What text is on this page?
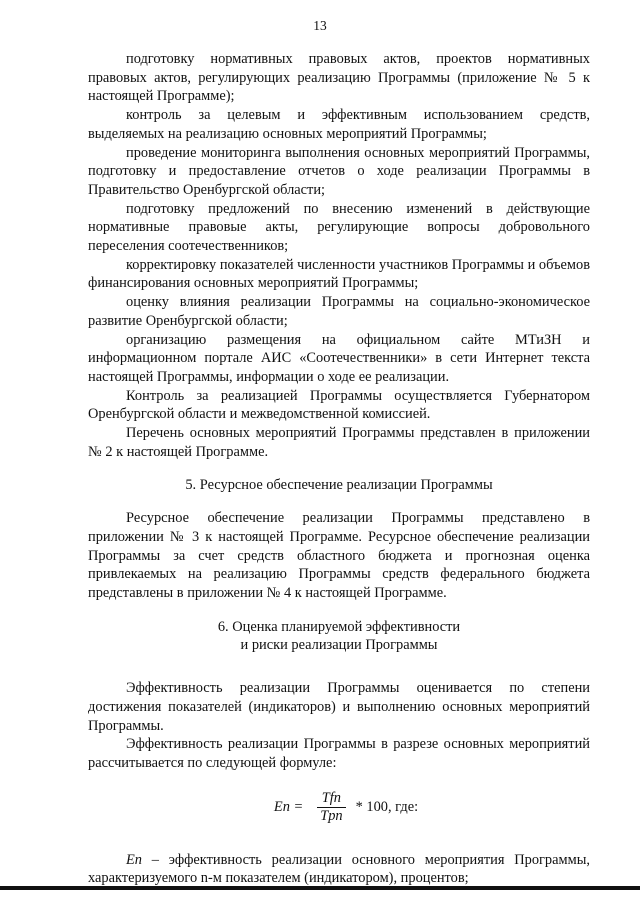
13

подготовку нормативных правовых актов, проектов нормативных правовых актов, регулирующих реализацию Программы (приложение № 5 к настоящей Программе);

контроль за целевым и эффективным использованием средств, выделяемых на реализацию основных мероприятий Программы;

проведение мониторинга выполнения основных мероприятий Программы, подготовку и предоставление отчетов о ходе реализации Программы в Правительство Оренбургской области;

подготовку предложений по внесению изменений в действующие нормативные правовые акты, регулирующие вопросы добровольного переселения соотечественников;

корректировку показателей численности участников Программы и объемов финансирования основных мероприятий Программы;

оценку влияния реализации Программы на социально-экономическое развитие Оренбургской области;

организацию размещения на официальном сайте МТиЗН и информационном портале АИС «Соотечественники» в сети Интернет текста настоящей Программы, информации о ходе ее реализации.

Контроль за реализацией Программы осуществляется Губернатором Оренбургской области и межведомственной комиссией.

Перечень основных мероприятий Программы представлен в приложении № 2 к настоящей Программе.

5. Ресурсное обеспечение реализации Программы

Ресурсное обеспечение реализации Программы представлено в приложении № 3 к настоящей Программе. Ресурсное обеспечение реализации Программы за счет средств областного бюджета и прогнозная оценка привлекаемых на реализацию Программы средств федерального бюджета представлены в приложении № 4 к настоящей Программе.

6. Оценка планируемой эффективности
и риски реализации Программы

Эффективность реализации Программы оценивается по степени достижения показателей (индикаторов) и выполнению основных мероприятий Программы.

Эффективность реализации Программы в разрезе основных мероприятий рассчитывается по следующей формуле:

$En = \frac{\text{Tfn}}{\text{Tpn}} * 100$, где:

En – эффективность реализации основного мероприятия Программы, характеризуемого n-м показателем (индикатором), процентов;
